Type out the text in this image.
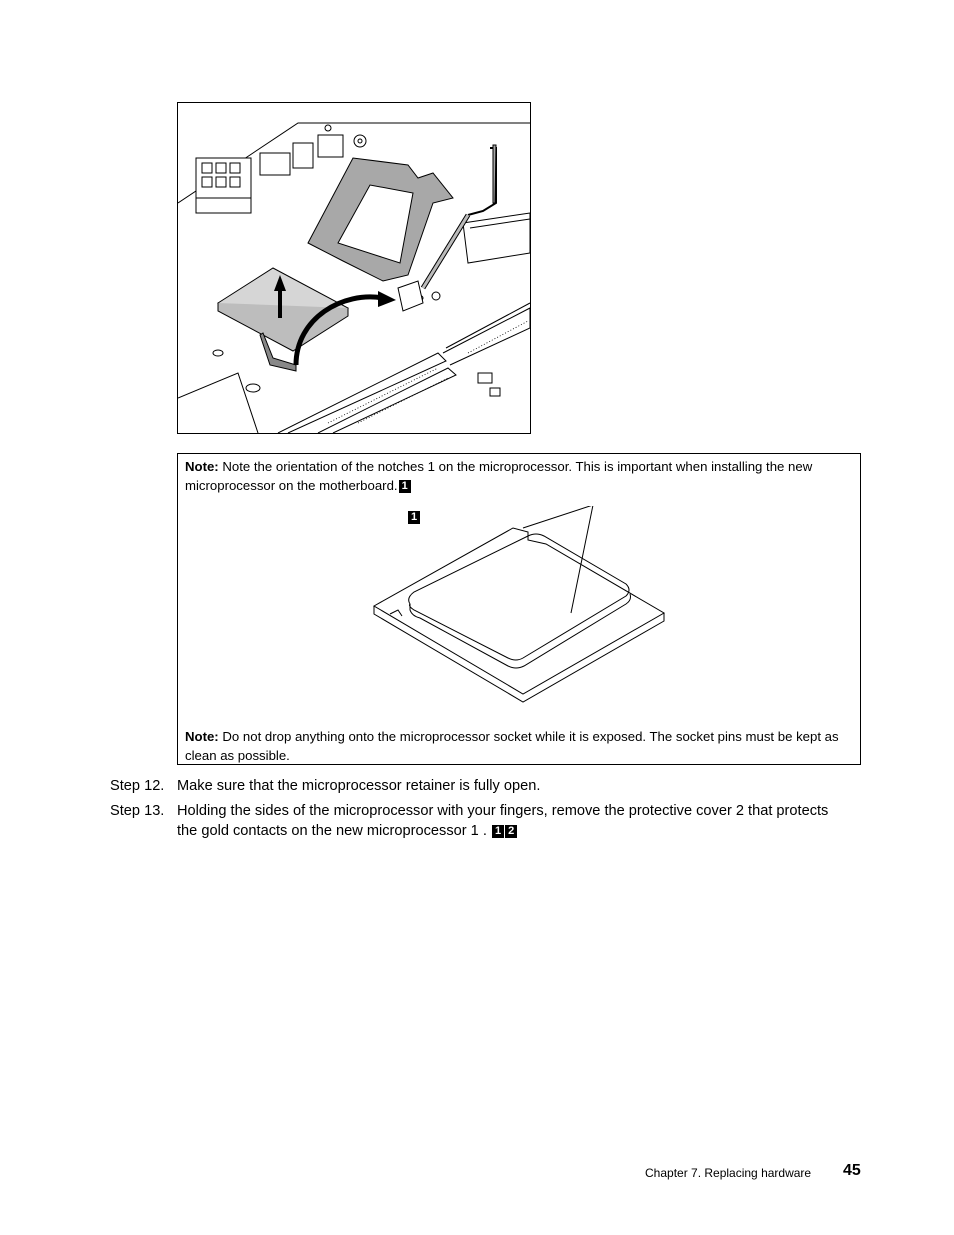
Note: Note the orientation of the notches 1 on the microprocessor. This is important when installing the new microprocessor on the motherboard. 1
1
Note: Do not drop anything onto the microprocessor socket while it is exposed. The socket pins must be kept as clean as possible.
Step 12. Make sure that the microprocessor retainer is fully open.
Step 13. Holding the sides of the microprocessor with your fingers, remove the protective cover 2 that protects the gold contacts on the new microprocessor 1 . 1 2
Chapter 7. Replacing hardware 45
